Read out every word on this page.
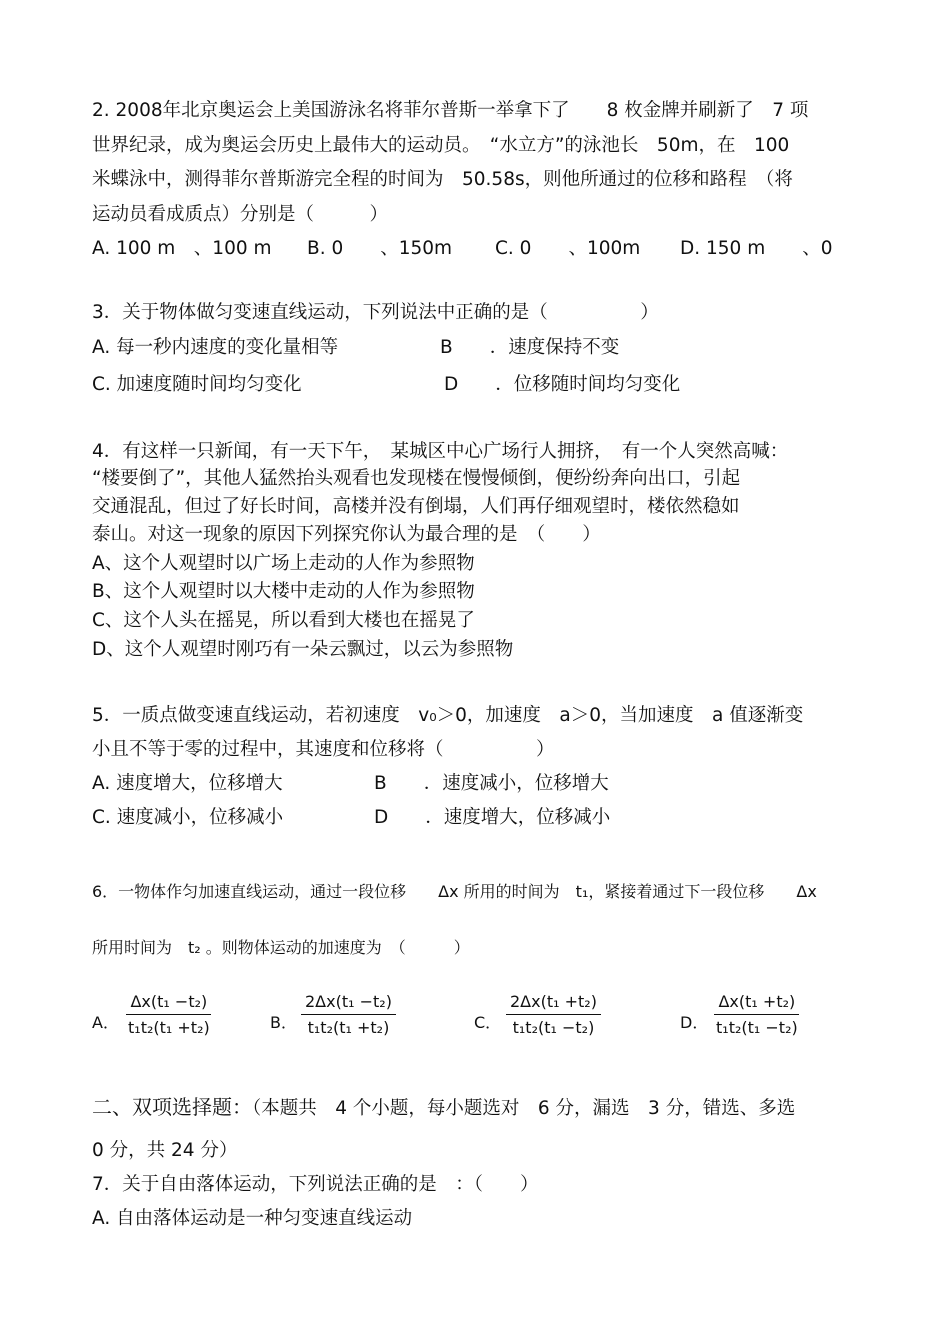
2. 2008年北京奥运会上美国游泳名将菲尔普斯一举拿下了　　8 枚金牌并刷新了　7 项
世界纪录，成为奥运会历史上最伟大的运动员。　“水立方”的泳池长　50m，在　100
米蝶泳中，测得菲尔普斯游完全程的时间为　50.58s，则他所通过的位移和路程　（将
运动员看成质点）分别是（　　　）
A. 100 m　、100 m B. 0　　、150m C. 0　　、100m D. 150 m　　、0
3．关于物体做匀变速直线运动，下列说法中正确的是（　　　　　）
A. 每一秒内速度的变化量相等	B　　．速度保持不变
C. 加速度随时间均匀变化	D　　．位移随时间均匀变化
4．有这样一只新闻，有一天下午，　某城区中心广场行人拥挤，　有一个人突然高喊：
“楼要倒了”，其他人猛然抬头观看也发现楼在慢慢倾倒，便纷纷奔向出口，引起
交通混乱，但过了好长时间，高楼并没有倒塌，人们再仔细观望时，楼依然稳如
泰山。对这一现象的原因下列探究你认为最合理的是　（　　）
A、这个人观望时以广场上走动的人作为参照物
B、这个人观望时以大楼中走动的人作为参照物
C、这个人头在摇晃，所以看到大楼也在摇晃了
D、这个人观望时刚巧有一朵云飘过，以云为参照物
5．一质点做变速直线运动，若初速度　v₀＞0，加速度　a＞0，当加速度　a 值逐渐变
小且不等于零的过程中，其速度和位移将（　　　　　）
A. 速度增大，位移增大	B　　．速度减小，位移增大
C. 速度减小，位移减小	D　　．速度增大，位移减小
6．一物体作匀加速直线运动，通过一段位移　　Δx 所用的时间为　t₁，紧接着通过下一段位移　　Δx
所用时间为　t₂ 。则物体运动的加速度为　（　　　）
A． $\frac{\text{Δx(t₁ −t₂)}}{\text{t₁t₂(t₁ +t₂)}}$	B． $\frac{\text{2Δx(t₁ −t₂)}}{\text{t₁t₂(t₁ +t₂)}}$	C． $\frac{\text{2Δx(t₁ +t₂)}}{\text{t₁t₂(t₁ −t₂)}}$	D． $\frac{\text{Δx(t₁ +t₂)}}{\text{t₁t₂(t₁ −t₂)}}$
二、双项选择题：（本题共　4 个小题，每小题选对　6 分，漏选　3 分，错选、多选
0 分，共 24 分）
7．关于自由落体运动，下列说法正确的是　：（　　）
A. 自由落体运动是一种匀变速直线运动
